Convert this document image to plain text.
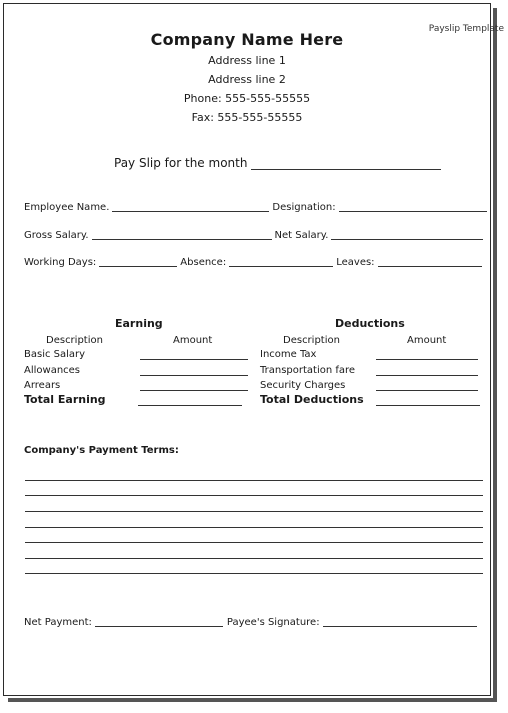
Payslip Template
Company Name Here
Address line 1
Address line 2
Phone: 555-555-55555
Fax: 555-555-55555
Pay Slip for the month
Employee Name.	Designation:
Gross Salary.	Net Salary.
Working Days:	Absence:	Leaves:
Earning
Description	Amount
Basic Salary
Allowances
Arrears
Total Earning
Deductions
Description	Amount
Income Tax
Transportation fare
Security Charges
Total Deductions
Company's Payment Terms:
Net Payment:	Payee's Signature:
